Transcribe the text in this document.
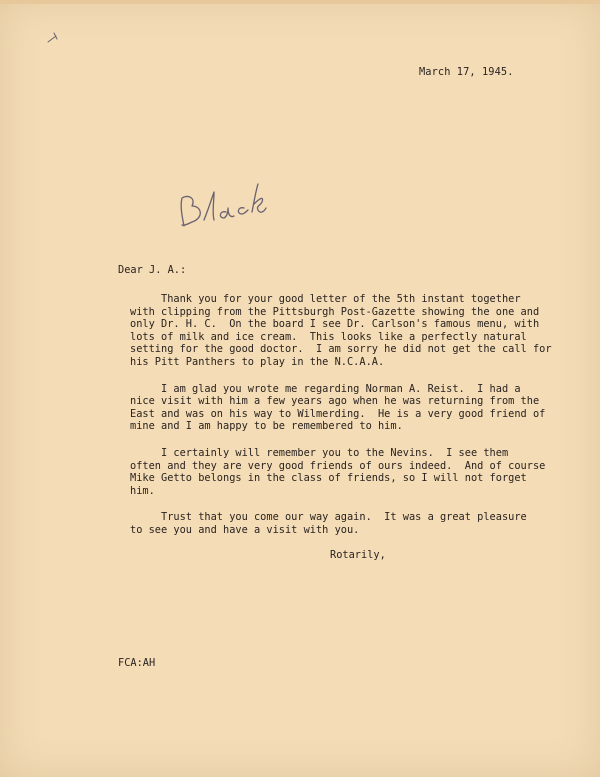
March 17, 1945.
Dear J. A.:
Thank you for your good letter of the 5th instant together
with clipping from the Pittsburgh Post-Gazette showing the one and
only Dr. H. C.  On the board I see Dr. Carlson's famous menu, with
lots of milk and ice cream.  This looks like a perfectly natural
setting for the good doctor.  I am sorry he did not get the call for
his Pitt Panthers to play in the N.C.A.A.
I am glad you wrote me regarding Norman A. Reist.  I had a
nice visit with him a few years ago when he was returning from the
East and was on his way to Wilmerding.  He is a very good friend of
mine and I am happy to be remembered to him.
I certainly will remember you to the Nevins.  I see them
often and they are very good friends of ours indeed.  And of course
Mike Getto belongs in the class of friends, so I will not forget
him.
Trust that you come our way again.  It was a great pleasure
to see you and have a visit with you.
Rotarily,
FCA:AH
